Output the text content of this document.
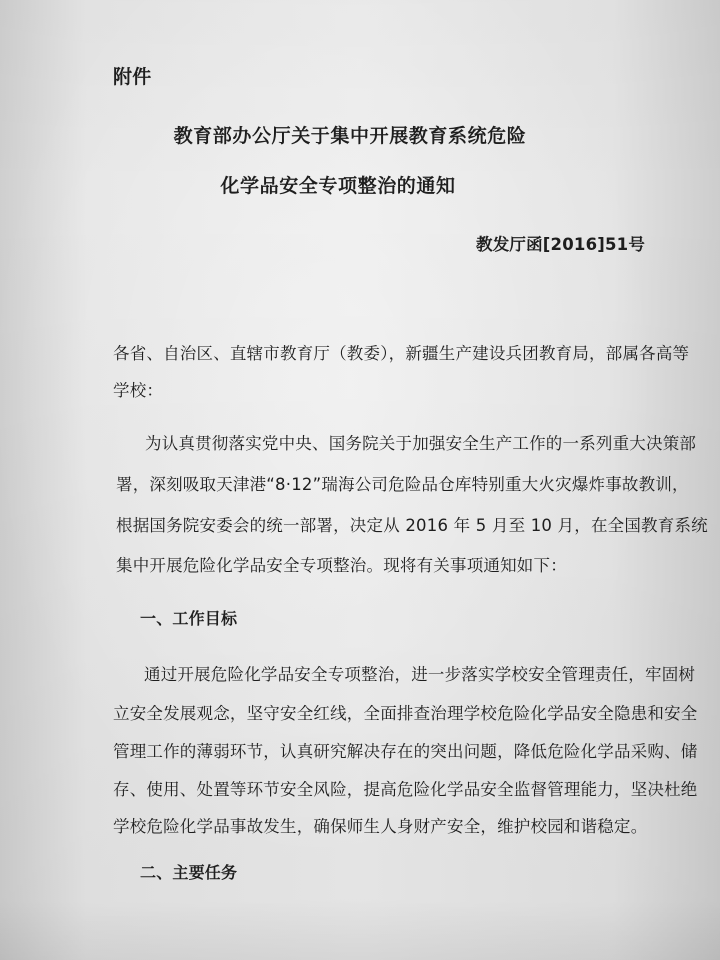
附件
教育部办公厅关于集中开展教育系统危险
化学品安全专项整治的通知
教发厅函[2016]51号
各省、自治区、直辖市教育厅（教委），新疆生产建设兵团教育局，部属各高等
学校：
为认真贯彻落实党中央、国务院关于加强安全生产工作的一系列重大决策部
署，深刻吸取天津港“8·12”瑞海公司危险品仓库特别重大火灾爆炸事故教训，
根据国务院安委会的统一部署，决定从 2016 年 5 月至 10 月，在全国教育系统
集中开展危险化学品安全专项整治。现将有关事项通知如下：
一、工作目标
通过开展危险化学品安全专项整治，进一步落实学校安全管理责任，牢固树
立安全发展观念，坚守安全红线，全面排查治理学校危险化学品安全隐患和安全
管理工作的薄弱环节，认真研究解决存在的突出问题，降低危险化学品采购、储
存、使用、处置等环节安全风险，提高危险化学品安全监督管理能力，坚决杜绝
学校危险化学品事故发生，确保师生人身财产安全，维护校园和谐稳定。
二、主要任务
